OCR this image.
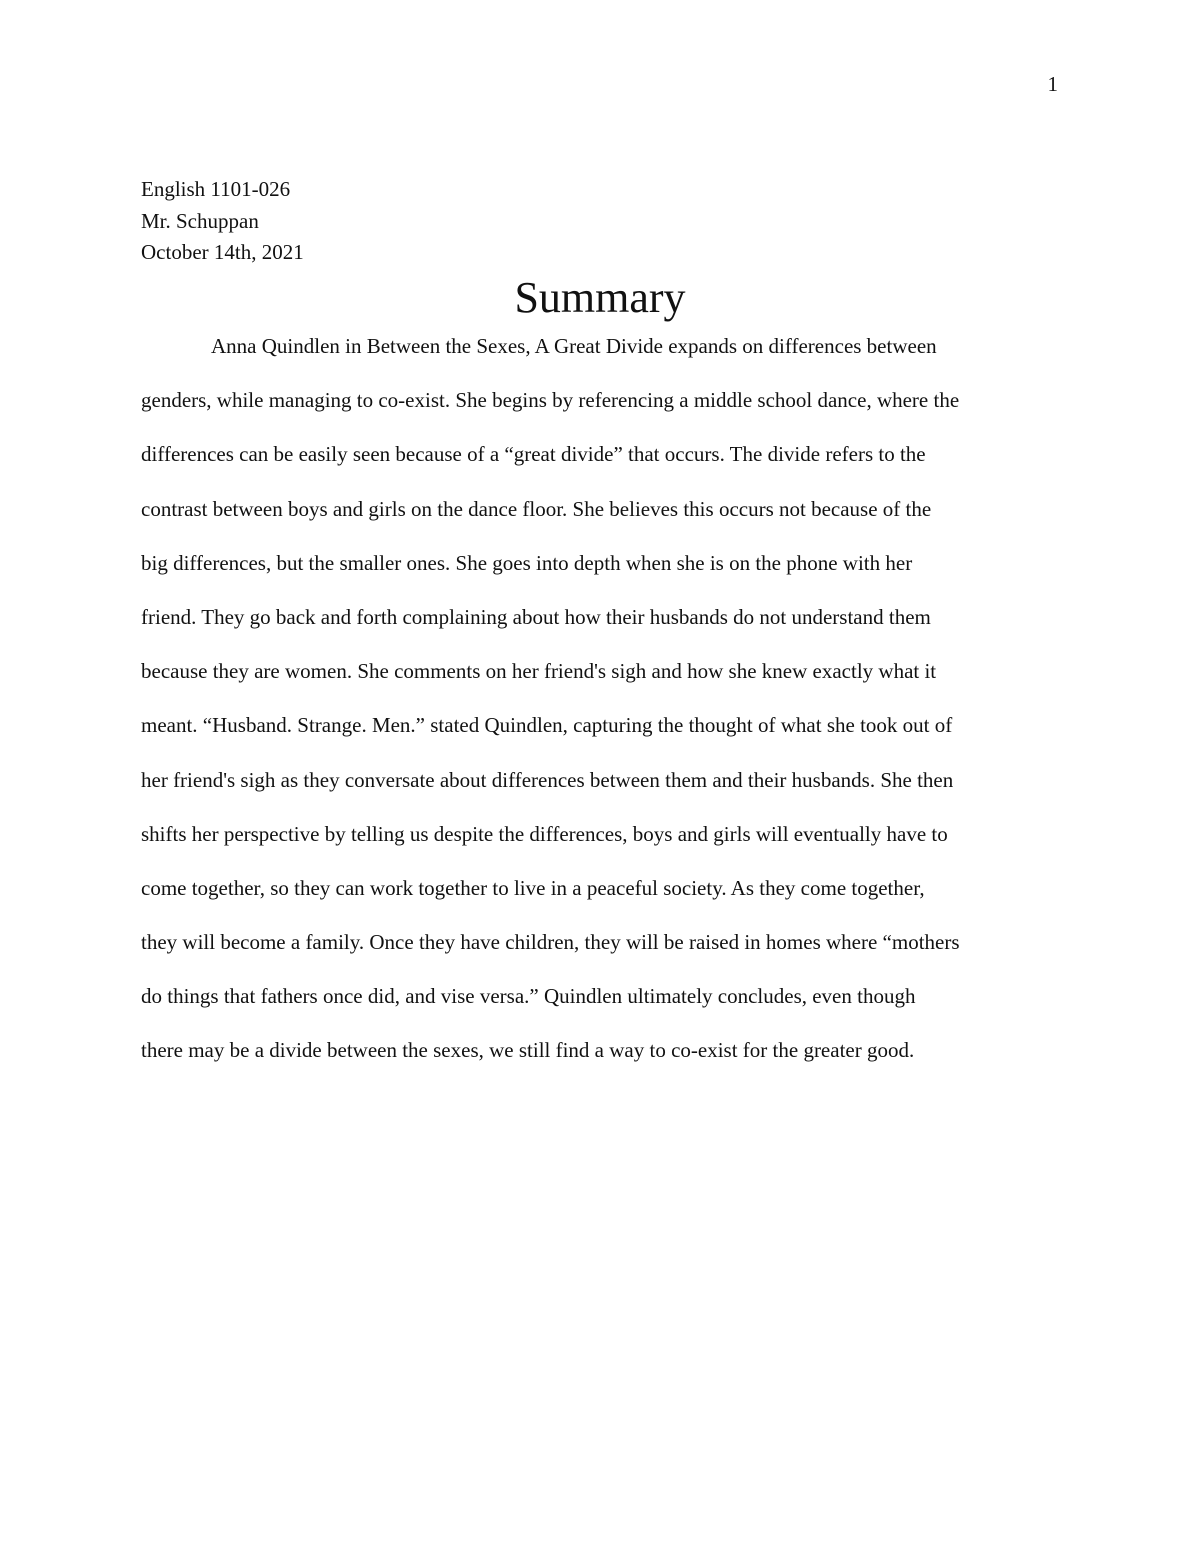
1
English 1101-026
Mr. Schuppan
October 14th, 2021
Summary
Anna Quindlen in Between the Sexes, A Great Divide expands on differences between
genders, while managing to co-exist. She begins by referencing a middle school dance, where the
differences can be easily seen because of a “great divide” that occurs. The divide refers to the
contrast between boys and girls on the dance floor. She believes this occurs not because of the
big differences, but the smaller ones. She goes into depth when she is on the phone with her
friend. They go back and forth complaining about how their husbands do not understand them
because they are women. She comments on her friend's sigh and how she knew exactly what it
meant. “Husband. Strange. Men.” stated Quindlen, capturing the thought of what she took out of
her friend's sigh as they conversate about differences between them and their husbands. She then
shifts her perspective by telling us despite the differences, boys and girls will eventually have to
come together, so they can work together to live in a peaceful society. As they come together,
they will become a family. Once they have children, they will be raised in homes where “mothers
do things that fathers once did, and vise versa.” Quindlen ultimately concludes, even though
there may be a divide between the sexes, we still find a way to co-exist for the greater good.
